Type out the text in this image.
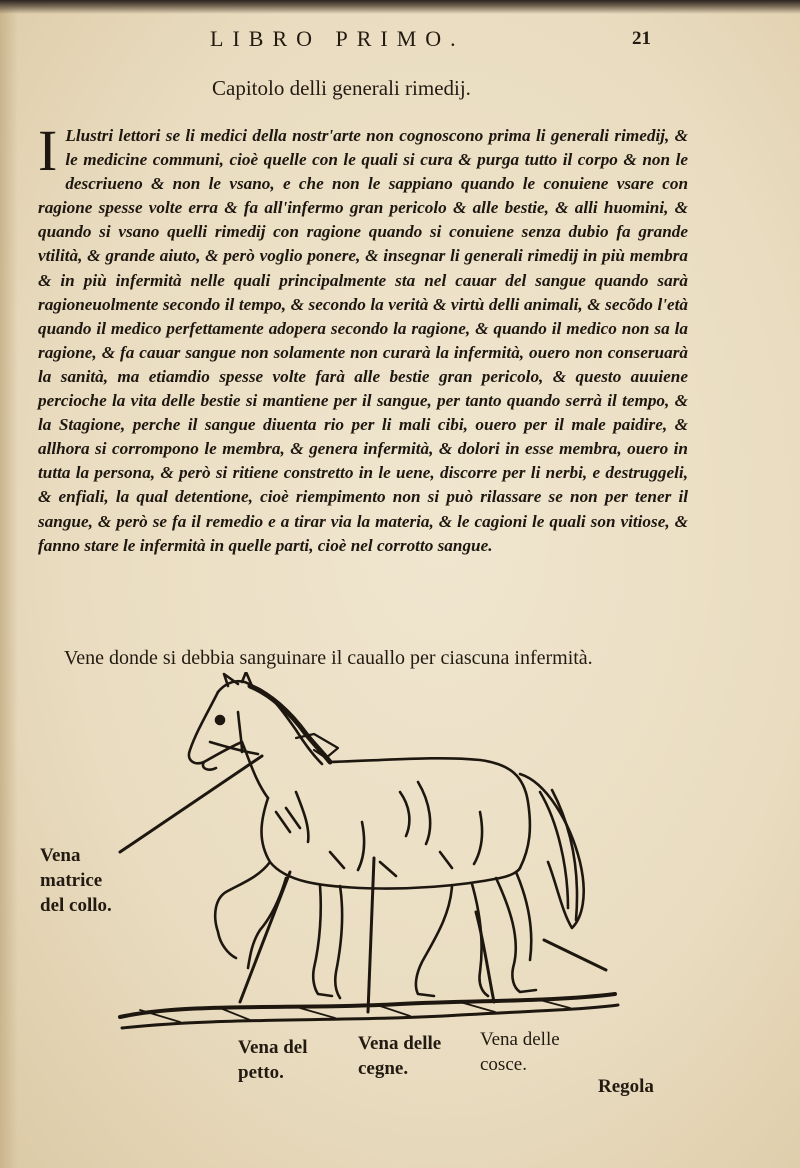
LIBRO PRIMO.	21
Capitolo delli generali rimedij.
I Llustri lettori se li medici della nostr'arte non cognoscono prima li generali rimedij, & le medicine communi, cioè quelle con le quali si cura & purga tutto il corpo & non le descriueno & non le vsano, e che non le sappiano quando le conuiene vsare con ragione spesse volte erra & fa all'infermo gran pericolo & alle bestie, & alli huomini, & quando si vsano quelli rimedij con ragione quando si conuiene senza dubio fa grande vtilità, & grande aiuto, & però voglio ponere, & insegnar li generali rimedij in più membra & in più infermità nelle quali principalmente sta nel cauar del sangue quando sarà ragioneuolmente secondo il tempo, & secondo la verità & virtù delli animali, & secõdo l'età quando il medico perfettamente adopera secondo la ragione, & quando il medico non sa la ragione, & fa cauar sangue non solamente non curarà la infermità, ouero non conseruarà la sanità, ma etiamdio spesse volte farà alle bestie gran pericolo, & questo auuiene percioche la vita delle bestie si mantiene per il sangue, per tanto quando serrà il tempo, & la Stagione, perche il sangue diuenta rio per li mali cibi, ouero per il male paidire, & allhora si corrompono le membra, & genera infermità, & dolori in esse membra, ouero in tutta la persona, & però si ritiene constretto in le uene, discorre per li nerbi, e destruggeli, & enfiali, la qual detentione, cioè riempimento non si può rilassare se non per tener il sangue, & però se fa il remedio e a tirar via la materia, & le cagioni le quali son vitiose, & fanno stare le infermità in quelle parti, cioè nel corrotto sangue.
Vene donde si debbia sanguinare il cauallo per ciascuna infermità.
Vena matrice del collo.
Vena del petto.
Vena delle cegne.
Vena delle cosce.
Regola
